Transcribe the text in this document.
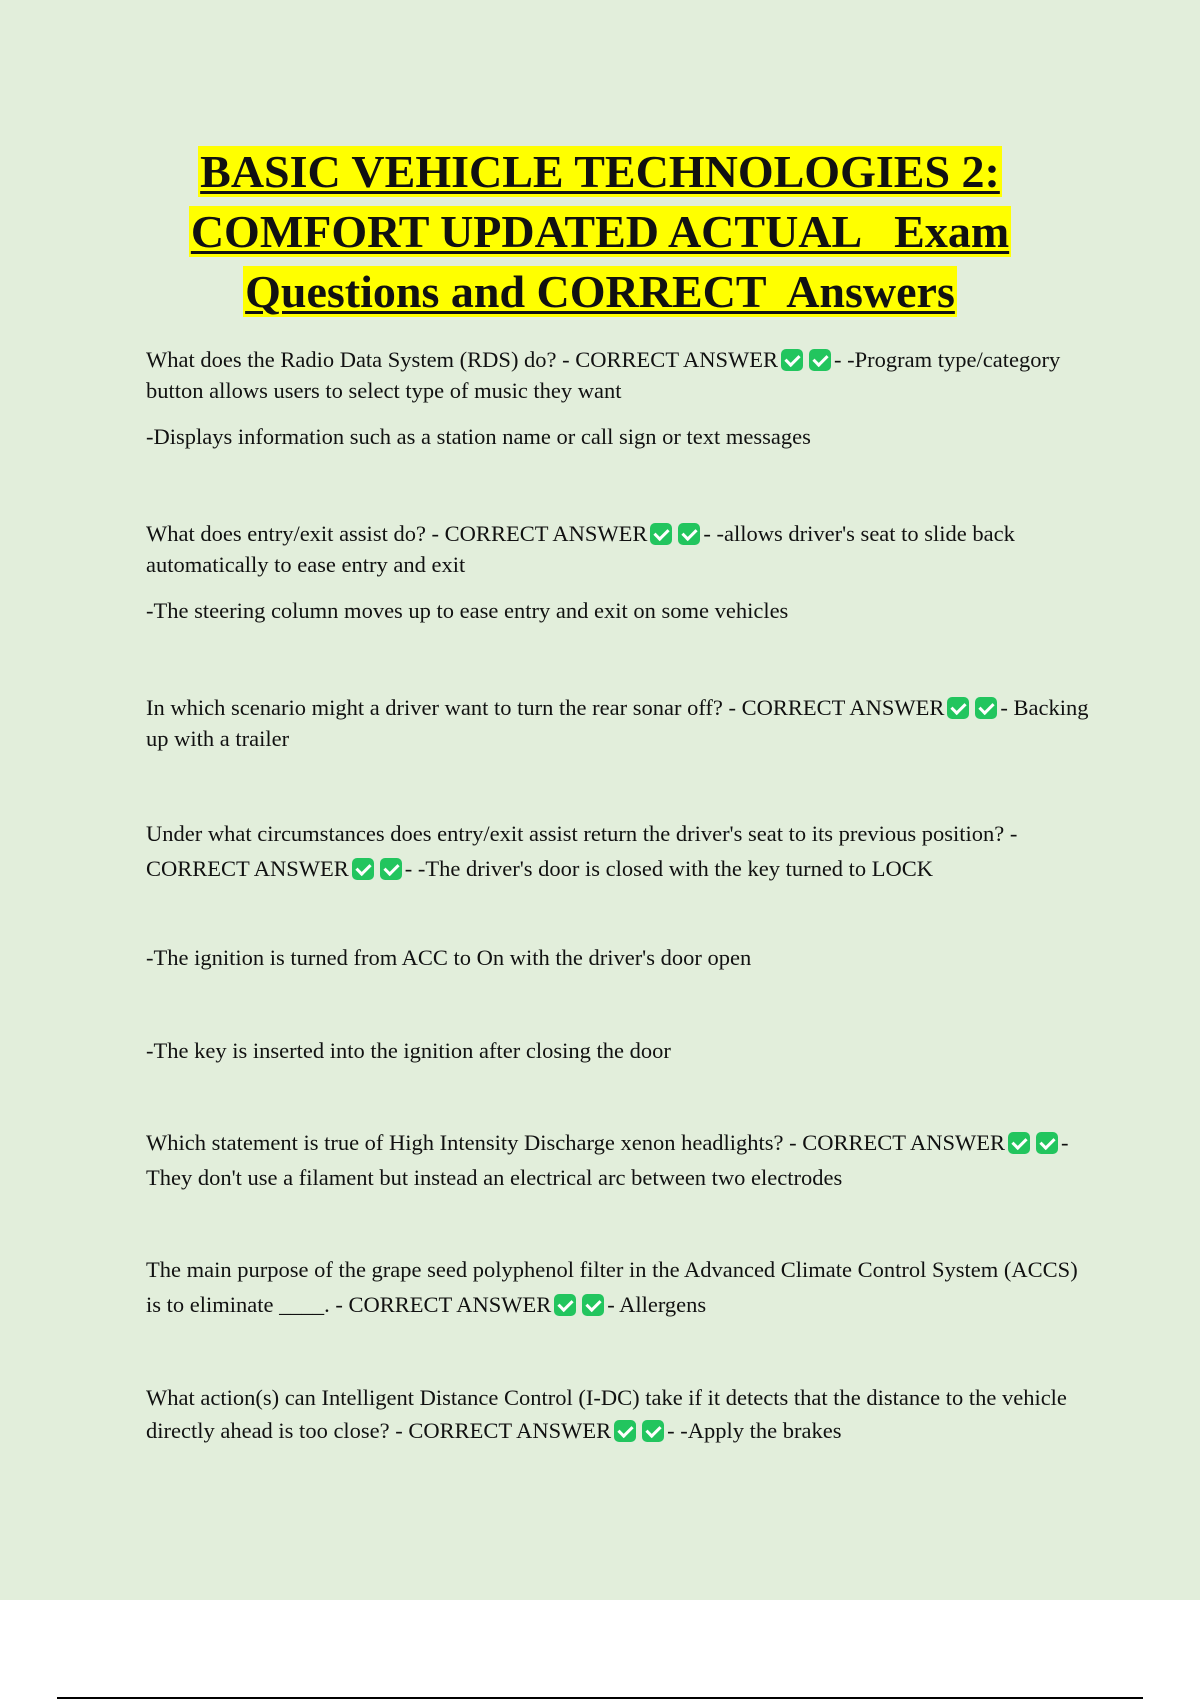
BASIC VEHICLE TECHNOLOGIES 2:
COMFORT UPDATED ACTUAL   Exam
Questions and CORRECT  Answers

What does the Radio Data System (RDS) do? - CORRECT ANSWER - -Program type/category button allows users to select type of music they want

-Displays information such as a station name or call sign or text messages

What does entry/exit assist do? - CORRECT ANSWER - -allows driver's seat to slide back automatically to ease entry and exit

-The steering column moves up to ease entry and exit on some vehicles

In which scenario might a driver want to turn the rear sonar off? - CORRECT ANSWER - Backing up with a trailer

Under what circumstances does entry/exit assist return the driver's seat to its previous position? - CORRECT ANSWER - -The driver's door is closed with the key turned to LOCK

-The ignition is turned from ACC to On with the driver's door open

-The key is inserted into the ignition after closing the door

Which statement is true of High Intensity Discharge xenon headlights? - CORRECT ANSWER - They don't use a filament but instead an electrical arc between two electrodes

The main purpose of the grape seed polyphenol filter in the Advanced Climate Control System (ACCS) is to eliminate ____. - CORRECT ANSWER - Allergens

What action(s) can Intelligent Distance Control (I-DC) take if it detects that the distance to the vehicle directly ahead is too close? - CORRECT ANSWER - -Apply the brakes
